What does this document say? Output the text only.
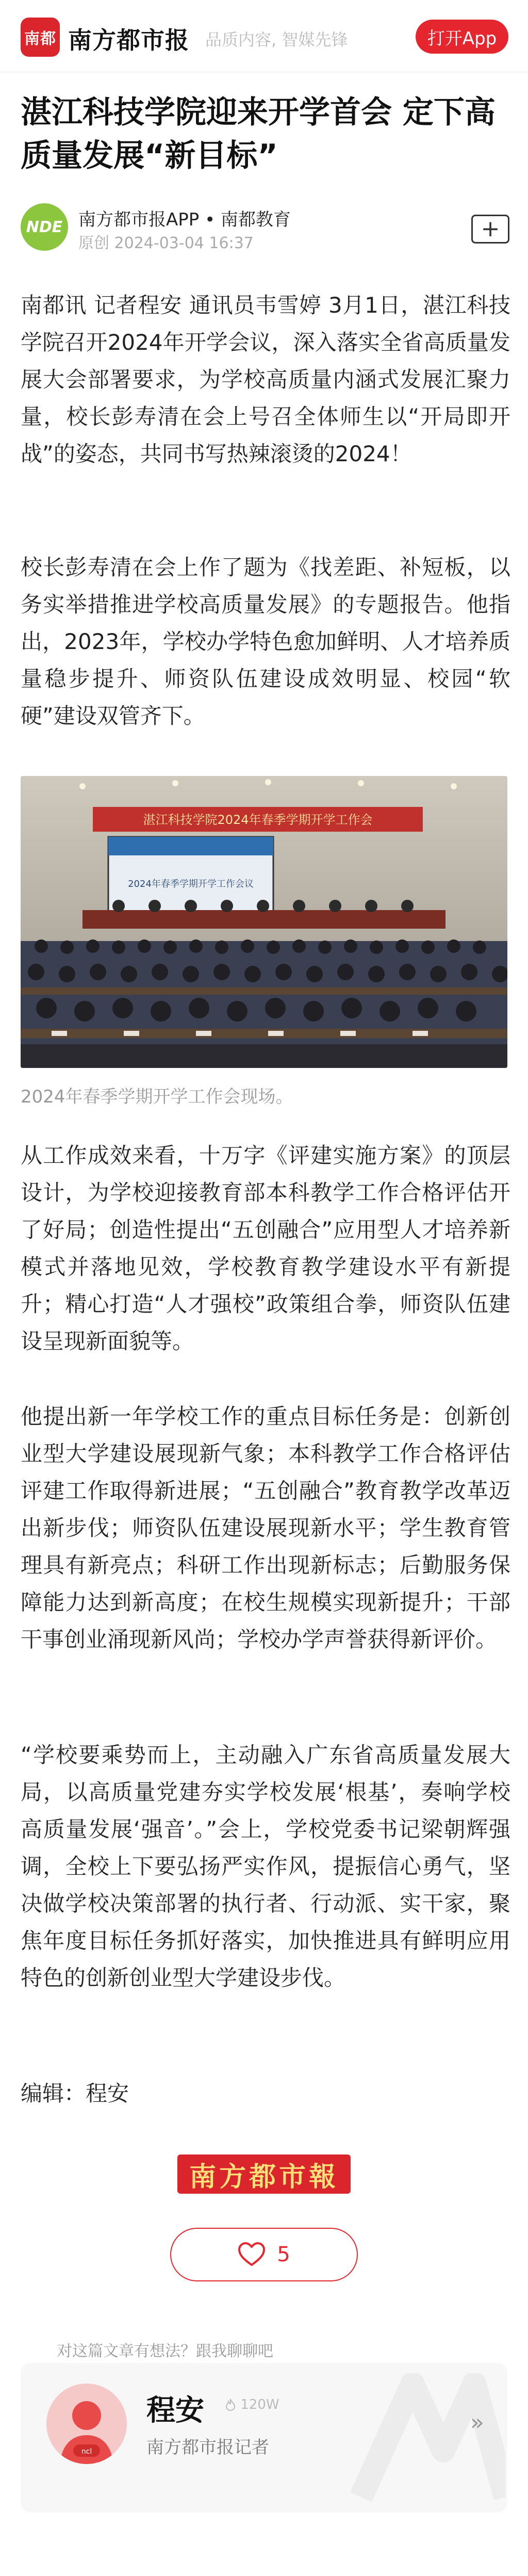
南都 南方都市报 品质内容, 智媒先锋	打开App
湛江科技学院迎来开学首会 定下高质量发展“新目标”
NDE 南方都市报APP • 南都教育
原创 2024-03-04 16:37
+

南都讯 记者程安 通讯员韦雪婷 3月1日，湛江科技学院召开2024年开学会议，深入落实全省高质量发展大会部署要求，为学校高质量内涵式发展汇聚力量，校长彭寿清在会上号召全体师生以“开局即开战”的姿态，共同书写热辣滚烫的2024！

校长彭寿清在会上作了题为《找差距、补短板，以务实举措推进学校高质量发展》的专题报告。他指出，2023年，学校办学特色愈加鲜明、人才培养质量稳步提升、师资队伍建设成效明显、校园“软硬”建设双管齐下。

湛江科技学院2024年春季学期开学工作会
2024年春季学期开学工作会议
2024年春季学期开学工作会现场。

从工作成效来看，十万字《评建实施方案》的顶层设计，为学校迎接教育部本科教学工作合格评估开了好局；创造性提出“五创融合”应用型人才培养新模式并落地见效，学校教育教学建设水平有新提升；精心打造“人才强校”政策组合拳，师资队伍建设呈现新面貌等。

他提出新一年学校工作的重点目标任务是：创新创业型大学建设展现新气象；本科教学工作合格评估评建工作取得新进展；“五创融合”教育教学改革迈出新步伐；师资队伍建设展现新水平；学生教育管理具有新亮点；科研工作出现新标志；后勤服务保障能力达到新高度；在校生规模实现新提升；干部干事创业涌现新风尚；学校办学声誉获得新评价。

“学校要乘势而上，主动融入广东省高质量发展大局，以高质量党建夯实学校发展‘根基’，奏响学校高质量发展‘强音’。”会上，学校党委书记梁朝辉强调，全校上下要弘扬严实作风，提振信心勇气，坚决做学校决策部署的执行者、行动派、实干家，聚焦年度目标任务抓好落实，加快推进具有鲜明应用特色的创新创业型大学建设步伐。

编辑：程安

南方都市報
5
对这篇文章有想法？跟我聊聊吧
ncl
程安	120W
南方都市报记者
»
